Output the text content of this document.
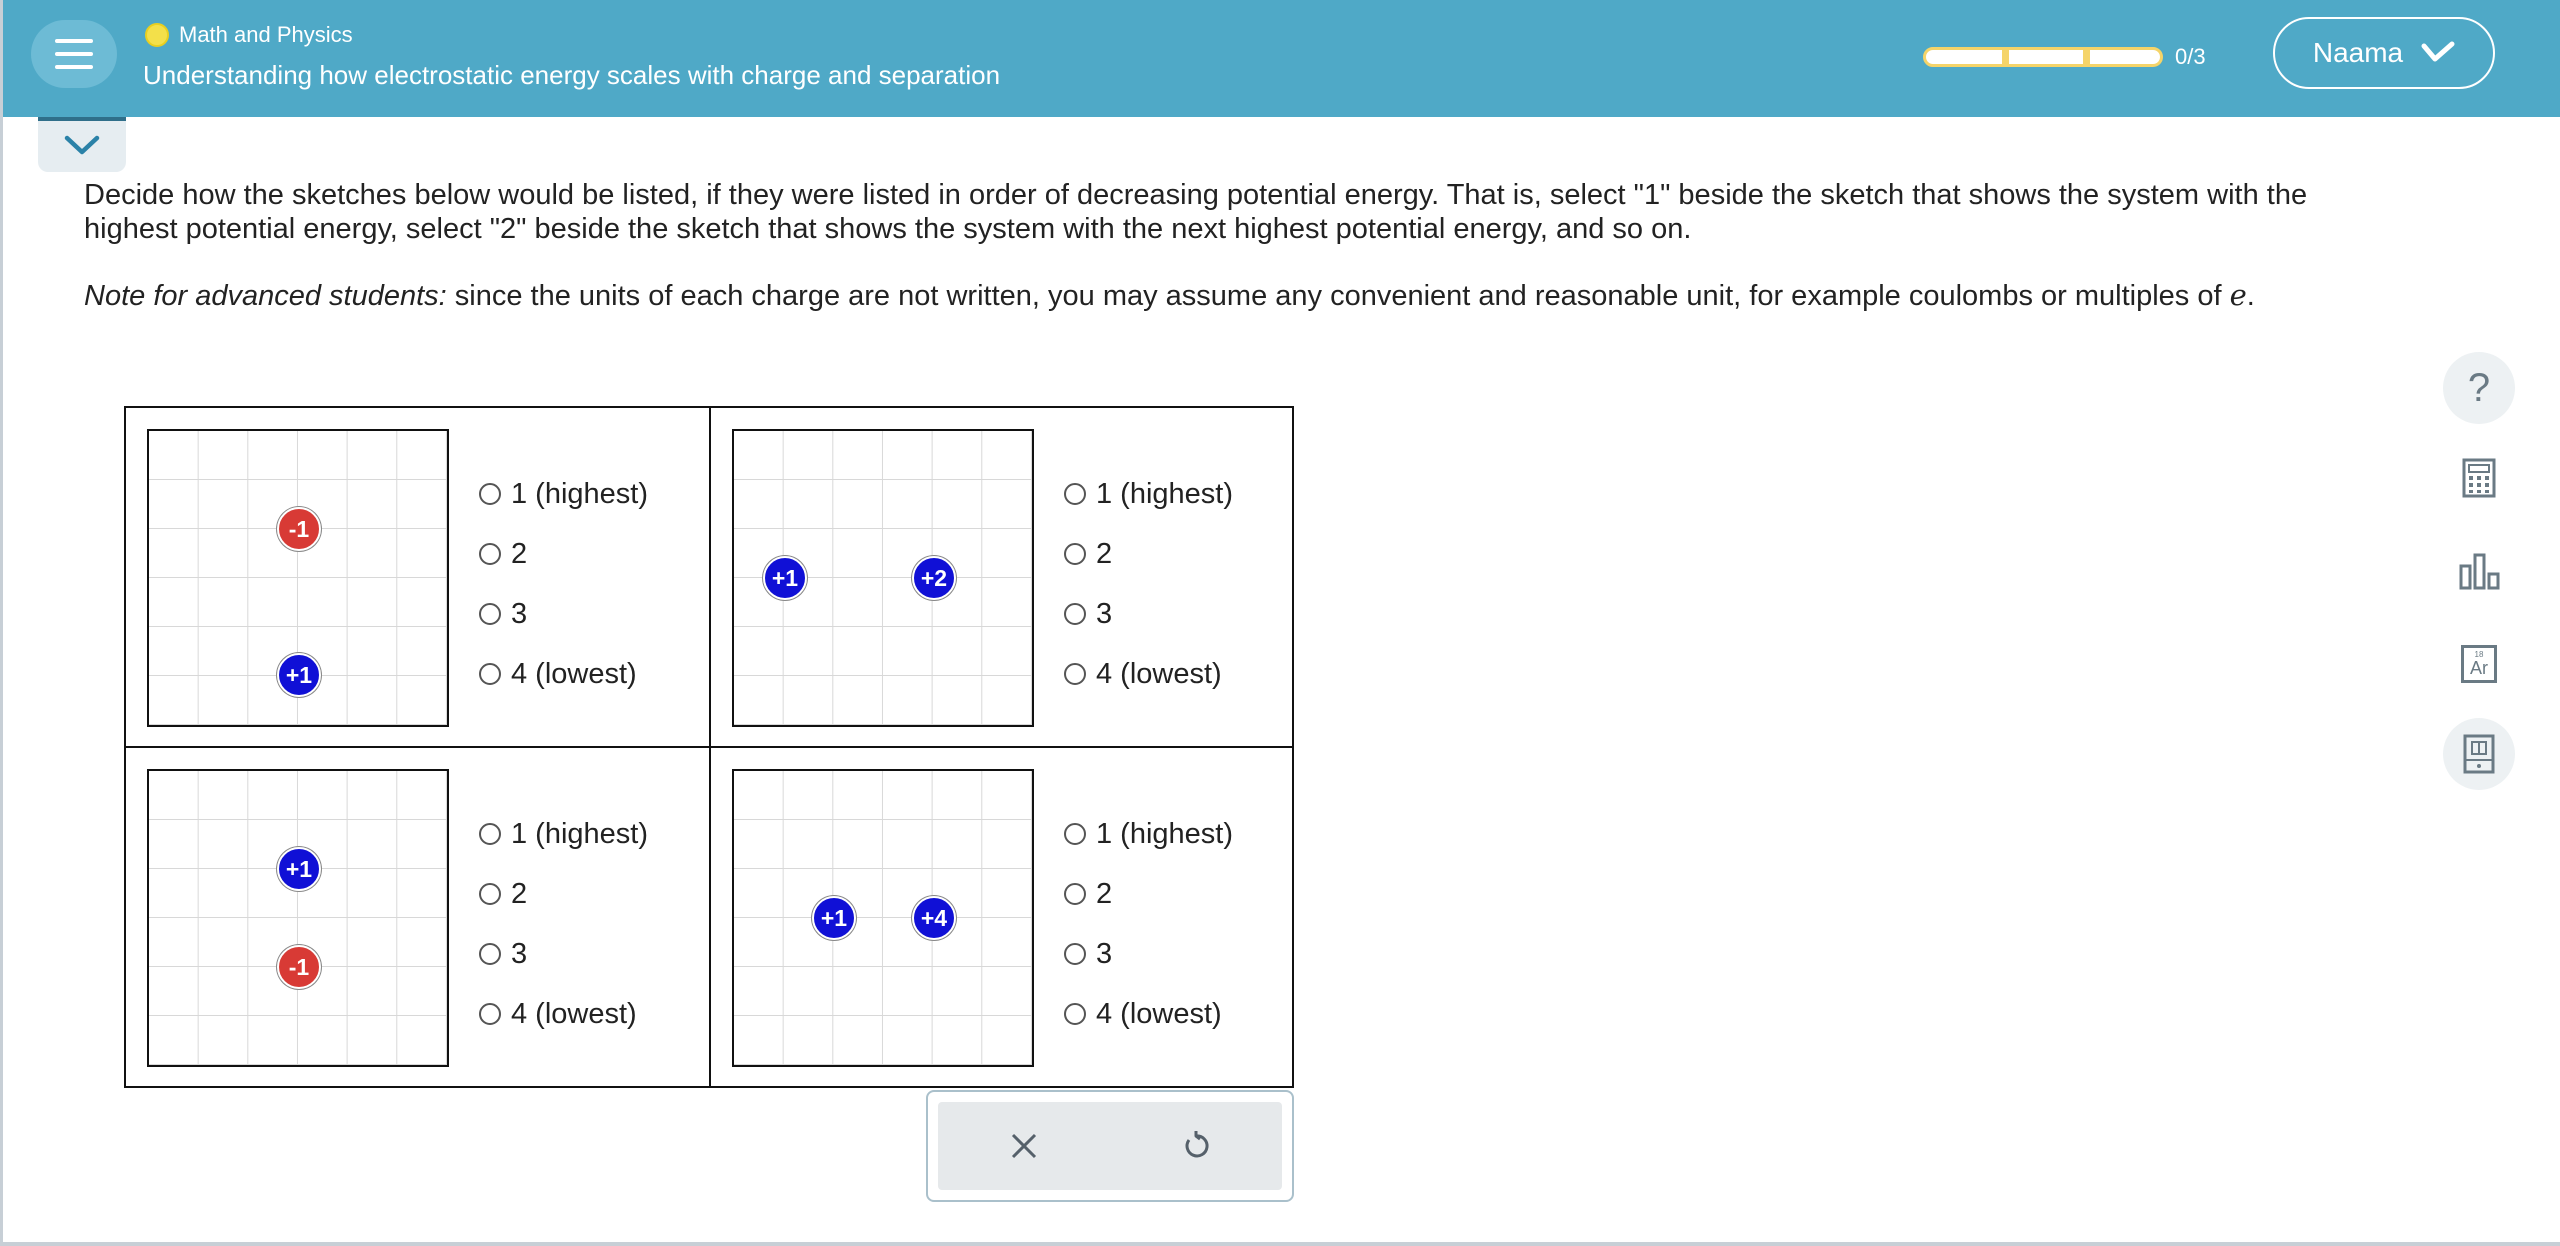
Math and Physics
Understanding how electrostatic energy scales with charge and separation
0/3	Naama
Decide how the sketches below would be listed, if they were listed in order of decreasing potential energy. That is, select "1" beside the sketch that shows the system with the highest potential energy, select "2" beside the sketch that shows the system with the next highest potential energy, and so on.
Note for advanced students: since the units of each charge are not written, you may assume any convenient and reasonable unit, for example coulombs or multiples of e.
-1
+1
1 (highest)
2
3
4 (lowest)
+1	+2
1 (highest)
2
3
4 (lowest)
+1
-1
1 (highest)
2
3
4 (lowest)
+1	+4
1 (highest)
2
3
4 (lowest)
?
18
Ar
